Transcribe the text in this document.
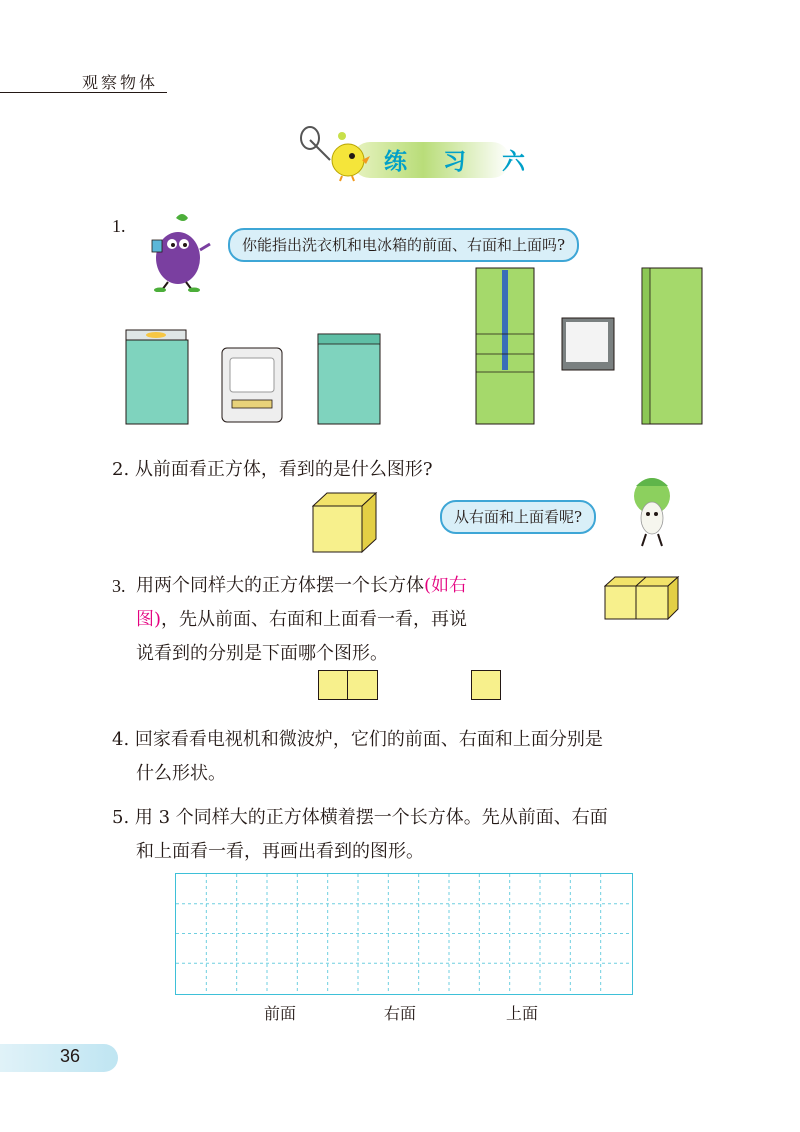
观察物体
练 习 六
1.
你能指出洗衣机和电冰箱的前面、右面和上面吗?
2. 从前面看正方体，看到的是什么图形?
从右面和上面看呢?
3. 用两个同样大的正方体摆一个长方体(如右
图)，先从前面、右面和上面看一看，再说
说看到的分别是下面哪个图形。
4. 回家看看电视机和微波炉，它们的前面、右面和上面分别是
什么形状。
5. 用 3 个同样大的正方体横着摆一个长方体。先从前面、右面
和上面看一看，再画出看到的图形。
前面	右面	上面
36
